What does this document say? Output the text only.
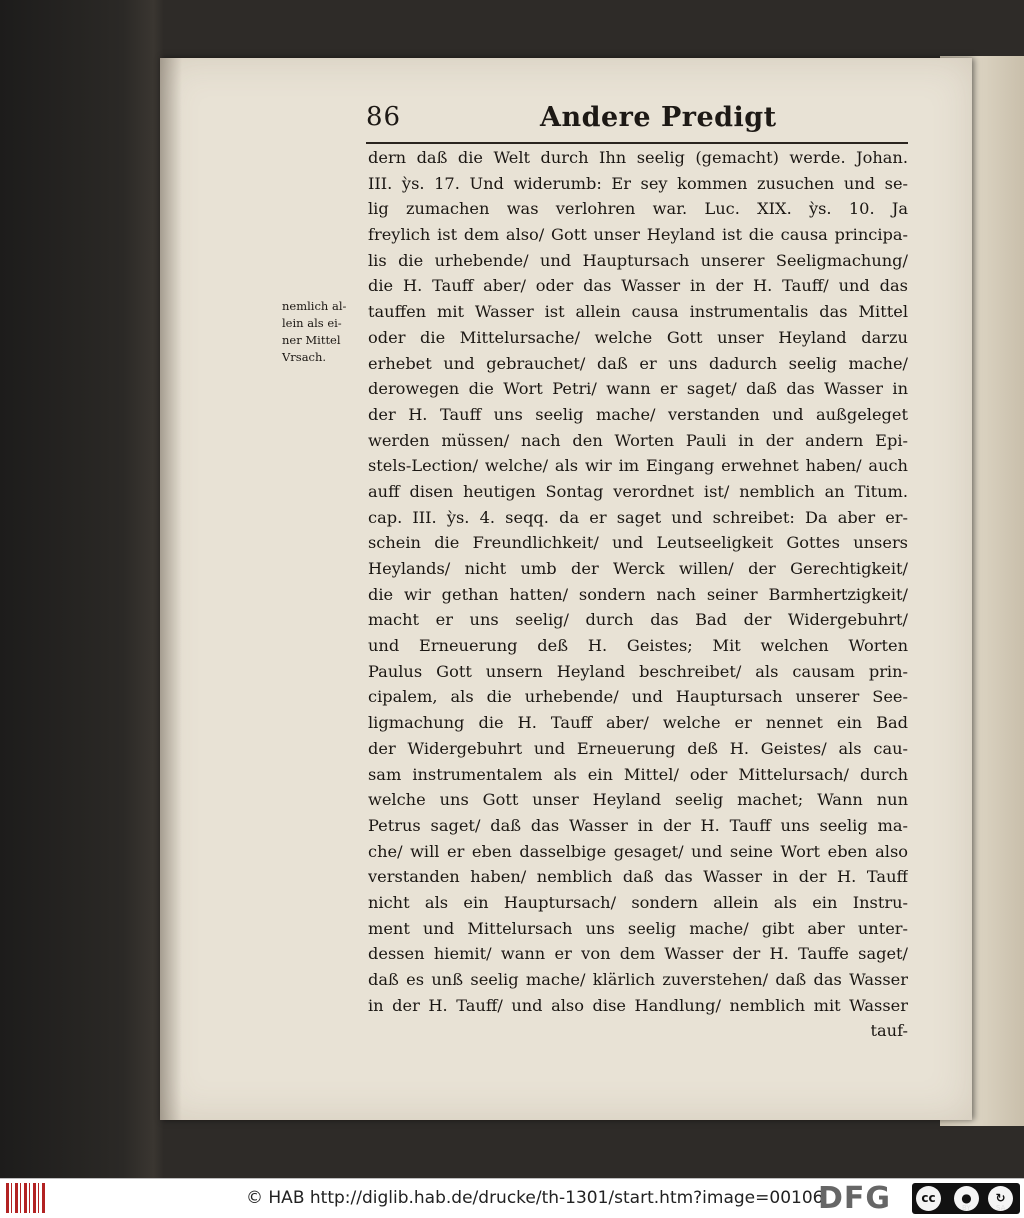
86	Andere Predigt
nemlich al-
lein als ei-
ner Mittel
Vrsach.
dern daß die Welt durch Ihn seelig (gemacht) werde. Johan.
III. ỳs. 17. Und widerumb: Er sey kommen zusuchen und se-
lig zumachen was verlohren war. Luc. XIX. ỳs. 10. Ja
freylich ist dem also/ Gott unser Heyland ist die causa principa-
lis die urhebende/ und Hauptursach unserer Seeligmachung/
die H. Tauff aber/ oder das Wasser in der H. Tauff/ und das
tauffen mit Wasser ist allein causa instrumentalis das Mittel
oder die Mittelursache/ welche Gott unser Heyland darzu
erhebet und gebrauchet/ daß er uns dadurch seelig mache/
derowegen die Wort Petri/ wann er saget/ daß das Wasser in
der H. Tauff uns seelig mache/ verstanden und außgeleget
werden müssen/ nach den Worten Pauli in der andern Epi-
stels-Lection/ welche/ als wir im Eingang erwehnet haben/ auch
auff disen heutigen Sontag verordnet ist/ nemblich an Titum.
cap. III. ỳs. 4. seqq. da er saget und schreibet: Da aber er-
schein die Freundlichkeit/ und Leutseeligkeit Gottes unsers
Heylands/ nicht umb der Werck willen/ der Gerechtigkeit/
die wir gethan hatten/ sondern nach seiner Barmhertzigkeit/
macht er uns seelig/ durch das Bad der Widergebuhrt/
und Erneuerung deß H. Geistes; Mit welchen Worten
Paulus Gott unsern Heyland beschreibet/ als causam prin-
cipalem, als die urhebende/ und Hauptursach unserer See-
ligmachung die H. Tauff aber/ welche er nennet ein Bad
der Widergebuhrt und Erneuerung deß H. Geistes/ als cau-
sam instrumentalem als ein Mittel/ oder Mittelursach/ durch
welche uns Gott unser Heyland seelig machet; Wann nun
Petrus saget/ daß das Wasser in der H. Tauff uns seelig ma-
che/ will er eben dasselbige gesaget/ und seine Wort eben also
verstanden haben/ nemblich daß das Wasser in der H. Tauff
nicht als ein Hauptursach/ sondern allein als ein Instru-
ment und Mittelursach uns seelig mache/ gibt aber unter-
dessen hiemit/ wann er von dem Wasser der H. Tauffe saget/
daß es unß seelig mache/ klärlich zuverstehen/ daß das Wasser
in der H. Tauff/ und also dise Handlung/ nemblich mit Wasser
tauf-
© HAB http://diglib.hab.de/drucke/th-1301/start.htm?image=00106
DFG	cc	●	↻
BY	SA
